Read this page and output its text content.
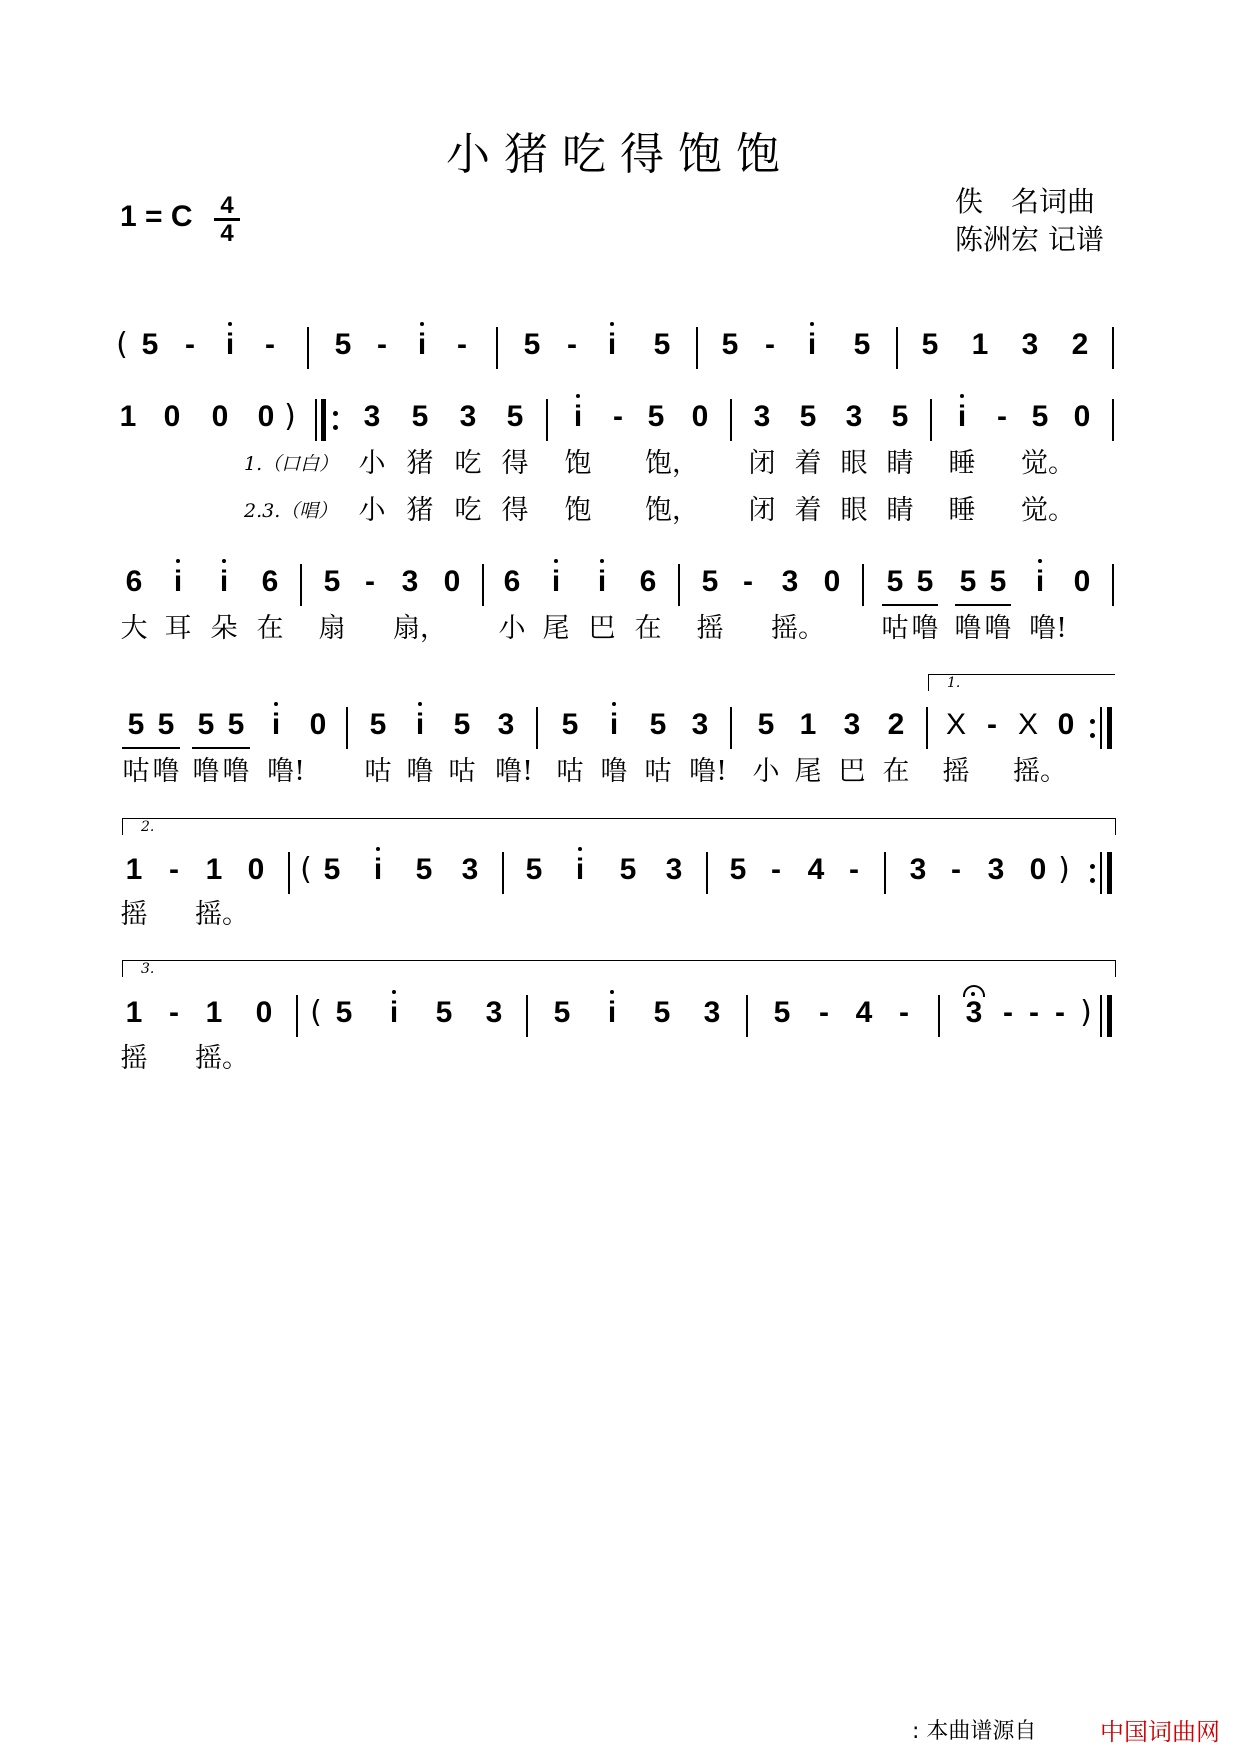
小猪吃得饱饱
1 = C	4
4
佚　名词曲
陈洲宏 记谱
( 5 - i - 5 - i - 5 - i 5 5 - i 5 5 1 3 2
1 0 0 0 ) 3 5 3 5 i - 5 0 3 5 3 5 i - 5 0
1.（口白） 小 猪 吃 得 饱 饱， 闭 着 眼 睛 睡 觉。
2.3.（唱） 小 猪 吃 得 饱 饱， 闭 着 眼 睛 睡 觉。
6 i i 6 5 - 3 0 6 i i 6 5 - 3 0 5 5 5 5 i 0
大 耳 朵 在 扇 扇， 小 尾 巴 在 摇 摇。 咕 噜 噜 噜 噜!
1.
5 5 5 5 i 0 5 i 5 3 5 i 5 3 5 1 3 2 X - X 0
咕 噜 噜 噜 噜! 咕 噜 咕 噜! 咕 噜 咕 噜! 小 尾 巴 在 摇 摇。
2.
1 - 1 0 ( 5 i 5 3 5 i 5 3 5 - 4 - 3 - 3 0 )
摇 摇。
3.
1 - 1 0 ( 5 i 5 3 5 i 5 3 5 - 4 - 3 - - - )
摇 摇。
: 本曲谱源自	中国词曲网
